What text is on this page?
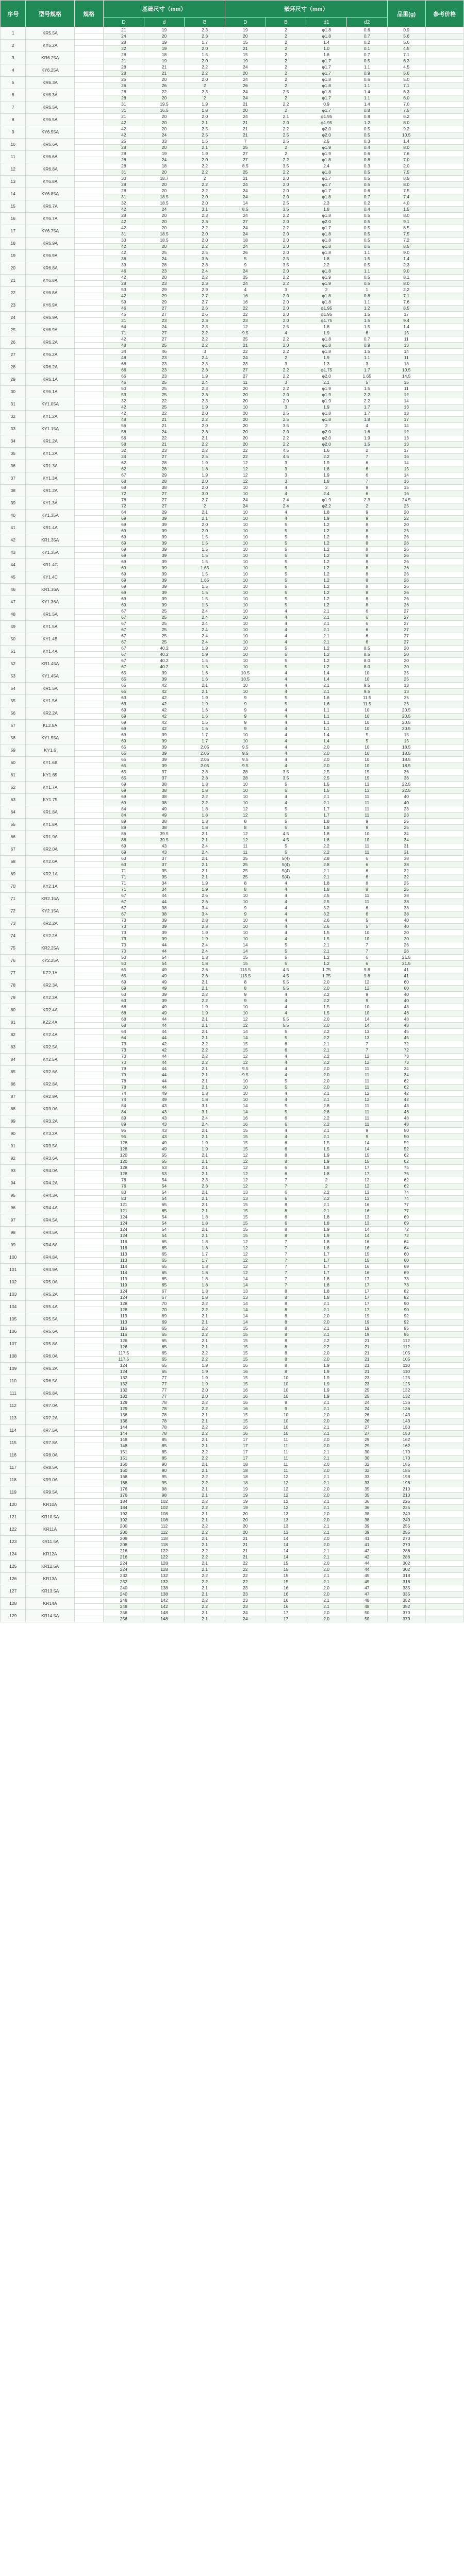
序号	型号规格	规格	基础尺寸（mm）			嵌环尺寸（mm）				品重(g)	参考价格
			D	d	B	D	B	d1	d2		
1	KR5.5A		21	19	2.3	19	2	φ1.8	0.6	0.9	
			24	20	2.3	20	2	φ1.8	0.7	5.6	
2	KY5.2A		28	19	1.7	15	2	1.4	0.2	5.6	
			32	19	2.0	21	2	1.0	0.1	4.5	
3	KR6.25A		28	18	1.5	15	2	1.6	0.7	7.1	
			21	19	2.0	19	2	φ1.7	0.5	6.3	
4	KY6.25A		28	21	2.2	24	2	φ1.7	1.1	4.5	
			28	21	2.2	20	2	φ1.7	0.9	5.6	
5	KR6.3A		26	20	2.0	24	2	φ1.8	0.6	5.0	
			26	26	2	26	2	φ1.8	1.1	7.1	
6	KY6.3A		28	22	2.3	24	2.5	φ1.8	1.4	6.3	
			28	20	2	24	2	φ1.7	1.1	6.0	
7	KR6.5A		31	19.5	1.9	21	2.2	0.9	1.4	7.0	
			31	16.5	1.8	20	2	φ1.7	0.8	7.5	
8	KY6.5A		21	20	2.0	24	2.1	φ1.95	0.8	6.2	
			42	20	2.1	21	2.0	φ1.95	1.2	8.0	
9	KY6.55A		42	20	2.5	21	2.2	φ2.0	0.5	9.2	
			42	24	2.5	21	2.5	φ2.0	0.5	10.5	
10	KR6.6A		25	33	1.6	7	2.5	2.5	0.3	1.4	
			28	20	2.1	25	2	φ1.9	0.4	8.0	
11	KY6.6A		28	19	1.9	27	2	φ1.9	0.6	7.6	
			28	24	2.0	27	2.2	φ1.8	0.8	7.0	
12	KR6.8A		28	18	2.2	8.5	3.5	2.4	0.3	2.0	
			31	20	2.2	25	2.2	φ1.8	0.5	7.5	
13	KY6.8A		30	18.7	2	21	2.0	φ1.7	0.5	8.5	
			28	20	2.2	24	2.0	φ1.7	0.5	8.0	
14	KY6.85A		28	20	2.2	24	2.0	φ1.7	0.6	7.5	
			31	18.5	2.0	24	2.0	φ1.8	0.7	7.4	
15	KR6.7A		32	18.5	2.0	14	2.5	2.3	0.2	4.0	
			42	24	3.1	8.5	3.5	1.8	0.4	1.5	
16	KY6.7A		28	20	2.3	24	2.2	φ1.8	0.5	8.0	
			42	20	2.3	27	2.0	φ2.0	0.5	9.1	
17	KY6.75A		42	20	2.2	24	2.2	φ1.7	0.5	8.5	
			31	18.5	2.0	24	2.0	φ1.8	0.5	7.5	
18	KR6.9A		33	18.5	2.0	18	2.0	φ1.8	0.5	7.2	
			42	20	2.2	24	2.0	φ1.8	0.6	8.5	
19	KY6.9A		42	25	2.5	26	2.0	φ1.8	1.1	9.0	
			36	24	3.6	5	2.5	1.8	1.5	1.4	
20	KR6.8A		39	28	2.8	9	3.5	2.2	0.5	2.3	
			46	23	2.4	24	2.0	φ1.8	1.1	9.0	
21	KY6.8A		42	20	2.2	25	2.2	φ1.9	0.5	8.1	
			28	23	2.3	24	2.2	φ1.9	0.5	8.0	
22	KY6.8A		53	29	2.9	4	3	2	1	2.2	
			42	29	2.7	16	2.0	φ1.8	0.8	7.1	
23	KY6.9A		59	29	2.7	16	2.0	φ1.8	1.1	7.6	
			46	27	2.6	22	2.0	φ1.95	1.2	8.5	
24	KR6.9A		46	27	2.6	22	2.0	φ1.95	1.5	17	
			31	23	2.3	23	2.0	φ1.75	1.5	9.4	
25	KY6.9A		64	24	2.3	12	2.5	1.8	1.5	1.4	
			71	27	2.2	9.5	4	1.9	6	15	
26	KR6.2A		42	27	2.2	25	2.2	φ1.8	0.7	11	
			48	25	2.2	21	2.0	φ1.8	0.9	13	
27	KY6.2A		34	46	3	22	2.2	φ1.8	1.5	14	
			48	23	2.4	24	2	1.9	1.1	11	
28	KR6.2A		68	23	2.3	23	3	1.3	3	18	
			66	23	2.3	27	2.2	φ1.75	1.7	10.5	
29	KR6.1A		66	23	1.9	27	2.2	φ2.0	1.65	14.5	
			46	25	2.4	11	3	2.1	5	15	
30	KY6.1A		50	25	2.3	20	2.2	φ1.9	1.5	11	
			53	25	2.3	20	2.0	φ1.9	2.2	12	
31	KY1.05A		32	22	2.3	20	2.0	φ1.9	2.2	14	
			42	25	1.9	10	3	1.9	1.7	13	
32	KY1.2A		42	22	2.0	20	2.5	φ1.8	1.7	13	
			48	21	2.2	20	2.5	φ1.8	1.8	17	
33	KY1.15A		56	21	2.0	20	3.5	2	4	14	
			58	24	2.3	20	2.0	φ2.0	1.6	12	
34	KR1.2A		56	22	2.1	20	2.2	φ2.0	1.9	13	
			58	21	2.2	20	2.2	φ2.0	1.5	13	
35	KY1.2A		32	23	2.2	22	4.5	1.6	2	17	
			34	27	2.5	22	4.5	2.2	7	16	
36	KR1.3A		62	28	1.9	12	3	1.9	6	14	
			62	28	1.8	12	3	1.8	6	15	
37	KY1.3A		67	29	1.9	12	3	1.9	6	14	
			68	28	2.0	12	3	1.8	7	16	
38	KR1.2A		68	38	2.0	10	4	2	9	15	
			72	27	3.0	10	4	2.4	6	16	
39	KY1.3A		78	27	2.7	24	2.4	φ1.9	2.3	24.5	
			72	27	2	24	2.4	φ2.2	2	25	
40	KY1.35A		64	29	2.1	10	4	1.8	9	20	
			69	39	2.1	10	4	1.9	9	22	
41	KR1.4A		69	39	2.0	10	5	1.2	8	20	
			69	39	2.0	10	5	1.2	8	25	
42	KR1.35A		69	39	1.5	10	5	1.2	8	26	
			69	39	1.5	10	5	1.2	8	26	
43	KY1.35A		69	39	1.5	10	5	1.2	8	26	
			69	39	1.5	10	5	1.2	8	26	
44	KR1.4C		69	39	1.5	10	5	1.2	8	26	
			69	39	1.65	10	5	1.2	8	26	
45	KY1.4C		69	39	1.5	10	5	1.2	8	26	
			69	39	1.65	10	5	1.2	8	26	
46	KR1.36A		69	39	1.5	10	5	1.2	8	26	
			69	39	1.5	10	5	1.2	8	26	
47	KY1.36A		69	39	1.5	10	5	1.2	8	26	
			69	39	1.5	10	5	1.2	8	26	
48	KR1.5A		67	25	2.4	10	4	2.1	6	27	
			67	25	2.4	10	4	2.1	6	27	
49	KY1.5A		67	25	2.4	10	4	2.1	6	27	
			67	25	2.4	10	4	2.1	6	27	
50	KY1.4B		67	25	2.4	10	4	2.1	6	27	
			67	25	2.4	10	4	2.1	6	27	
51	KY1.4A		67	40.2	1.9	10	5	1.2	8.5	20	
			67	40.2	1.9	10	5	1.2	8.5	20	
52	KR1.45A		67	40.2	1.5	10	5	1.2	8.0	20	
			67	40.2	1.5	10	5	1.2	8.0	20	
53	KY1.45A		65	39	1.6	10.5	4	1.4	10	25	
			65	39	1.6	10.5	4	1.4	10	25	
54	KR1.5A		65	42	2.1	10	4	2.1	9.5	13	
			65	42	2.1	10	4	2.1	9.5	13	
55	KY1.5A		63	42	1.9	9	5	1.6	11.5	25	
			63	42	1.9	9	5	1.6	11.5	25	
56	KR2.2A		69	42	1.6	9	4	1.1	10	20.5	
			69	42	1.6	9	4	1.1	10	20.5	
57	KL2.5A		69	42	1.6	9	4	1.1	10	20.5	
			69	42	1.6	9	4	1.1	10	20.5	
58	KY1.55A		69	39	1.7	10	4	1.4	5	15	
			69	39	1.7	10	4	1.4	5	15	
59	KY1.6		65	39	2.05	9.5	4	2.0	10	18.5	
			65	39	2.05	9.5	4	2.0	10	18.5	
60	KY1.6B		65	39	2.05	9.5	4	2.0	10	18.5	
			65	39	2.05	9.5	4	2.0	10	18.5	
61	KY1.65		65	37	2.8	28	3.5	2.5	15	36	
			65	37	2.8	28	3.5	2.5	15	36	
62	KY1.7A		69	38	1.8	10	5	1.5	13	22.5	
			69	38	1.8	10	5	1.5	13	22.5	
63	KY1.75		69	38	2.2	10	4	2.1	11	40	
			69	38	2.2	10	4	2.1	11	40	
64	KR1.8A		84	49	1.8	12	5	1.7	11	23	
			84	49	1.8	12	5	1.7	11	23	
65	KY1.8A		89	38	1.8	8	5	1.8	9	25	
			89	38	1.8	8	5	1.8	9	25	
66	KR1.9A		86	39.5	2.1	12	4.5	1.8	10	34	
			86	39.5	2.1	12	4.5	1.8	10	34	
67	KR2.0A		69	43	2.4	11	5	2.2	11	31	
			69	43	2.4	11	5	2.2	11	31	
68	KY2.0A		63	37	2.1	25	5(4)	2.8	6	38	
			63	37	2.1	25	5(4)	2.8	6	38	
69	KR2.1A		71	35	2.1	25	5(4)	2.1	6	32	
			71	35	2.1	25	5(4)	2.1	6	32	
70	KY2.1A		71	34	1.9	8	4	1.8	8	25	
			71	34	1.9	8	4	1.8	8	25	
71	KR2.15A		67	44	2.6	10	4	2.5	11	38	
			67	44	2.6	10	4	2.5	11	38	
72	KY2.15A		67	38	3.4	9	4	3.2	6	38	
			67	38	3.4	9	4	3.2	6	38	
73	KR2.2A		73	39	2.8	10	4	2.6	5	40	
			73	39	2.8	10	4	2.6	5	40	
74	KY2.2A		73	39	1.9	10	4	1.5	10	20	
			73	39	1.9	10	4	1.5	10	20	
75	KR2.25A		70	44	2.4	14	5	2.1	7	26	
			70	44	2.4	14	5	2.1	7	26	
76	KY2.25A		50	54	1.8	15	5	1.2	6	21.5	
			50	54	1.8	15	5	1.2	6	21.5	
77	KZ2.1A		65	49	2.6	115.5	4.5	1.75	9.8	41	
			65	49	2.6	115.5	4.5	1.75	9.8	41	
78	KR2.3A		69	49	2.1	8	5.5	2.0	12	60	
			69	49	2.1	8	5.5	2.0	12	60	
79	KY2.3A		63	39	2.2	9	4	2.2	9	40	
			63	39	2.2	9	4	2.2	9	40	
80	KR2.4A		68	49	1.9	10	4	1.5	10	43	
			68	49	1.9	10	4	1.5	10	43	
81	KZ2.4A		68	44	2.1	12	5.5	2.0	14	48	
			68	44	2.1	12	5.5	2.0	14	48	
82	KY2.4A		64	44	2.1	14	5	2.2	13	45	
			64	44	2.1	14	5	2.2	13	45	
83	KR2.5A		73	42	2.2	15	6	2.1	7	72	
			73	42	2.2	15	6	2.1	7	72	
84	KY2.5A		70	44	2.2	12	4	2.2	12	73	
			70	44	2.2	12	4	2.2	12	73	
85	KR2.6A		79	44	2.1	9.5	4	2.0	11	34	
			79	44	2.1	9.5	4	2.0	11	34	
86	KR2.8A		78	44	2.1	10	5	2.0	11	62	
			78	44	2.1	10	5	2.0	11	62	
87	KR2.9A		74	49	1.8	10	4	2.1	12	42	
			74	49	1.8	10	4	2.1	12	42	
88	KR3.0A		84	43	3.1	14	5	2.8	11	43	
			84	43	3.1	14	5	2.8	11	43	
89	KR3.2A		89	43	2.4	16	6	2.2	11	48	
			89	43	2.4	16	6	2.2	11	48	
90	KY3.2A		95	43	2.1	15	4	2.1	9	50	
			95	43	2.1	15	4	2.1	9	50	
91	KR3.5A		128	49	1.9	15	6	1.5	14	52	
			128	49	1.9	15	6	1.5	14	52	
92	KR3.6A		120	55	2.1	12	8	1.9	15	62	
			120	55	2.1	12	8	1.9	15	62	
93	KR4.0A		128	53	2.1	12	6	1.8	17	75	
			128	53	2.1	12	6	1.8	17	75	
94	KR4.2A		76	54	2.3	12	7	2	12	62	
			76	54	2.3	12	7	2	12	62	
95	KR4.3A		83	54	2.1	13	6	2.2	13	74	
			83	54	2.1	13	6	2.2	13	74	
96	KR4.4A		121	65	2.1	15	8	2.1	16	77	
			121	65	2.1	15	8	2.1	16	77	
97	KR4.5A		124	54	1.8	15	6	1.8	13	69	
			124	54	1.8	15	6	1.8	13	69	
98	KR4.5A		124	54	2.1	15	8	1.9	14	72	
			124	54	2.1	15	8	1.9	14	72	
99	KR4.6A		116	65	1.8	12	7	1.8	16	64	
			116	65	1.8	12	7	1.8	16	64	
100	KR4.8A		113	65	1.7	12	7	1.7	15	60	
			113	65	1.7	12	7	1.7	15	60	
101	KR4.9A		114	65	1.8	12	7	1.7	16	69	
			114	65	1.8	12	7	1.7	16	69	
102	KR5.0A		119	65	1.8	14	7	1.8	17	73	
			119	65	1.8	14	7	1.8	17	73	
103	KR5.2A		124	67	1.8	13	8	1.8	17	82	
			124	67	1.8	13	8	1.8	17	82	
104	KR5.4A		128	70	2.2	14	8	2.1	17	90	
			128	70	2.2	14	8	2.1	17	90	
105	KR5.5A		113	69	2.1	14	8	2.0	19	92	
			113	69	2.1	14	8	2.0	19	92	
106	KR5.6A		116	65	2.2	15	8	2.1	19	95	
			116	65	2.2	15	8	2.1	19	95	
107	KR5.8A		126	65	2.1	15	8	2.2	21	112	
			126	65	2.1	15	8	2.2	21	112	
108	KR6.0A		117.5	65	2.2	15	8	2.0	21	105	
			117.5	65	2.2	15	8	2.0	21	105	
109	KR6.2A		124	65	1.9	16	8	1.9	21	110	
			124	65	1.9	16	8	1.9	21	110	
110	KR6.5A		132	77	1.9	15	10	1.9	23	125	
			132	77	1.9	15	10	1.9	23	125	
111	KR6.8A		132	77	2.0	16	10	1.9	25	132	
			132	77	2.0	16	10	1.9	25	132	
112	KR7.0A		129	78	2.2	16	9	2.1	24	136	
			129	78	2.2	16	9	2.1	24	136	
113	KR7.2A		136	78	2.1	15	10	2.0	26	143	
			136	78	2.1	15	10	2.0	26	143	
114	KR7.5A		144	78	2.2	16	10	2.1	27	150	
			144	78	2.2	16	10	2.1	27	150	
115	KR7.8A		148	85	2.1	17	11	2.0	29	162	
			148	85	2.1	17	11	2.0	29	162	
116	KR8.0A		151	85	2.2	17	11	2.1	30	170	
			151	85	2.2	17	11	2.1	30	170	
117	KR8.5A		160	90	2.1	18	11	2.0	32	185	
			160	90	2.1	18	11	2.0	32	185	
118	KR9.0A		168	95	2.2	18	12	2.1	33	198	
			168	95	2.2	18	12	2.1	33	198	
119	KR9.5A		176	98	2.1	19	12	2.0	35	210	
			176	98	2.1	19	12	2.0	35	210	
120	KR10A		184	102	2.2	19	12	2.1	36	225	
			184	102	2.2	19	12	2.1	36	225	
121	KR10.5A		192	108	2.1	20	13	2.0	38	240	
			192	108	2.1	20	13	2.0	38	240	
122	KR11A		200	112	2.2	20	13	2.1	39	255	
			200	112	2.2	20	13	2.1	39	255	
123	KR11.5A		208	118	2.1	21	14	2.0	41	270	
			208	118	2.1	21	14	2.0	41	270	
124	KR12A		216	122	2.2	21	14	2.1	42	286	
			216	122	2.2	21	14	2.1	42	286	
125	KR12.5A		224	128	2.1	22	15	2.0	44	302	
			224	128	2.1	22	15	2.0	44	302	
126	KR13A		232	132	2.2	22	15	2.1	45	318	
			232	132	2.2	22	15	2.1	45	318	
127	KR13.5A		240	138	2.1	23	16	2.0	47	335	
			240	138	2.1	23	16	2.0	47	335	
128	KR14A		248	142	2.2	23	16	2.1	48	352	
			248	142	2.2	23	16	2.1	48	352	
129	KR14.5A		256	148	2.1	24	17	2.0	50	370	
			256	148	2.1	24	17	2.0	50	370	
